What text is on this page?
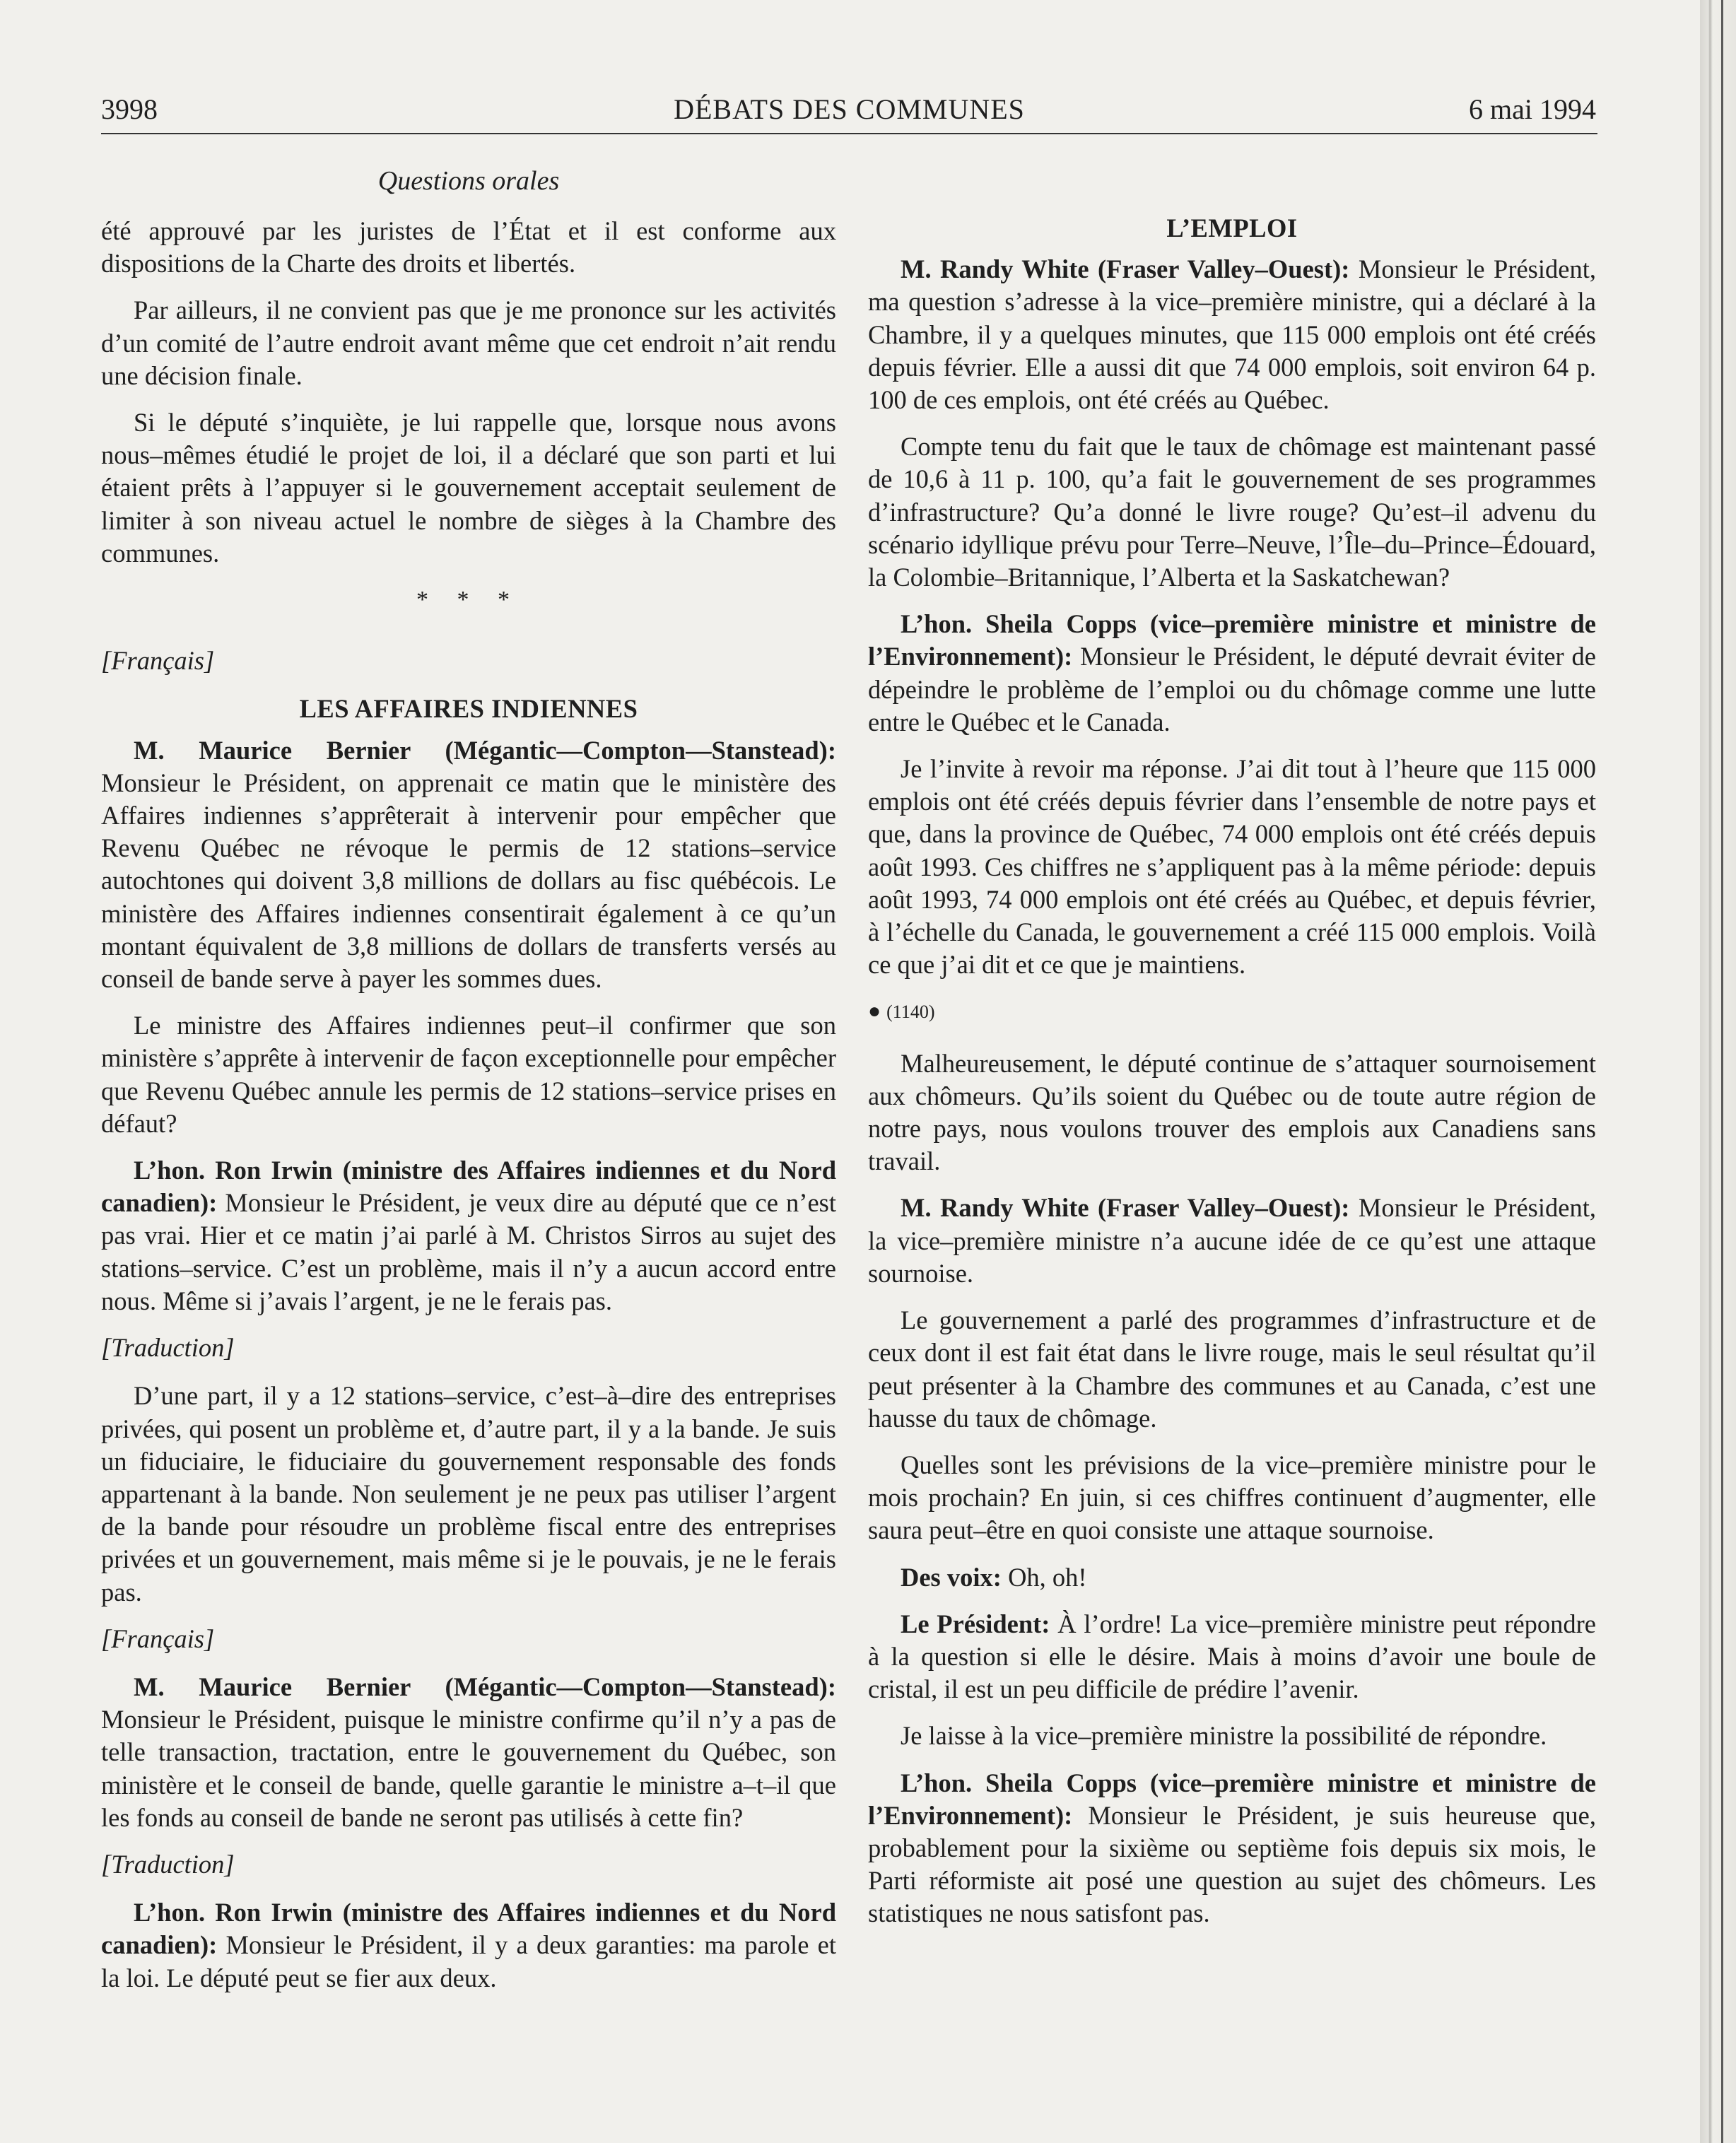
DÉBATS DES COMMUNES
3998	6 mai 1994
Questions orales

été approuvé par les juristes de l’État et il est conforme aux dispositions de la Charte des droits et libertés.

Par ailleurs, il ne convient pas que je me prononce sur les activités d’un comité de l’autre endroit avant même que cet endroit n’ait rendu une décision finale.

Si le député s’inquiète, je lui rappelle que, lorsque nous avons nous–mêmes étudié le projet de loi, il a déclaré que son parti et lui étaient prêts à l’appuyer si le gouvernement acceptait seulement de limiter à son niveau actuel le nombre de sièges à la Chambre des communes.

* * *

[Français]

LES AFFAIRES INDIENNES

M. Maurice Bernier (Mégantic—Compton—Stanstead): Monsieur le Président, on apprenait ce matin que le ministère des Affaires indiennes s’apprêterait à intervenir pour empêcher que Revenu Québec ne révoque le permis de 12 stations–service autochtones qui doivent 3,8 millions de dollars au fisc québécois. Le ministère des Affaires indiennes consentirait également à ce qu’un montant équivalent de 3,8 millions de dollars de transferts versés au conseil de bande serve à payer les sommes dues.

Le ministre des Affaires indiennes peut–il confirmer que son ministère s’apprête à intervenir de façon exceptionnelle pour empêcher que Revenu Québec annule les permis de 12 stations–service prises en défaut?

L’hon. Ron Irwin (ministre des Affaires indiennes et du Nord canadien): Monsieur le Président, je veux dire au député que ce n’est pas vrai. Hier et ce matin j’ai parlé à M. Christos Sirros au sujet des stations–service. C’est un problème, mais il n’y a aucun accord entre nous. Même si j’avais l’argent, je ne le ferais pas.

[Traduction]

D’une part, il y a 12 stations–service, c’est–à–dire des entreprises privées, qui posent un problème et, d’autre part, il y a la bande. Je suis un fiduciaire, le fiduciaire du gouvernement responsable des fonds appartenant à la bande. Non seulement je ne peux pas utiliser l’argent de la bande pour résoudre un problème fiscal entre des entreprises privées et un gouvernement, mais même si je le pouvais, je ne le ferais pas.

[Français]

M. Maurice Bernier (Mégantic—Compton—Stanstead): Monsieur le Président, puisque le ministre confirme qu’il n’y a pas de telle transaction, tractation, entre le gouvernement du Québec, son ministère et le conseil de bande, quelle garantie le ministre a–t–il que les fonds au conseil de bande ne seront pas utilisés à cette fin?

[Traduction]

L’hon. Ron Irwin (ministre des Affaires indiennes et du Nord canadien): Monsieur le Président, il y a deux garanties: ma parole et la loi. Le député peut se fier aux deux.

L’EMPLOI

M. Randy White (Fraser Valley–Ouest): Monsieur le Président, ma question s’adresse à la vice–première ministre, qui a déclaré à la Chambre, il y a quelques minutes, que 115 000 emplois ont été créés depuis février. Elle a aussi dit que 74 000 emplois, soit environ 64 p. 100 de ces emplois, ont été créés au Québec.

Compte tenu du fait que le taux de chômage est maintenant passé de 10,6 à 11 p. 100, qu’a fait le gouvernement de ses programmes d’infrastructure? Qu’a donné le livre rouge? Qu’est–il advenu du scénario idyllique prévu pour Terre–Neuve, l’Île–du–Prince–Édouard, la Colombie–Britannique, l’Alberta et la Saskatchewan?

L’hon. Sheila Copps (vice–première ministre et ministre de l’Environnement): Monsieur le Président, le député devrait éviter de dépeindre le problème de l’emploi ou du chômage comme une lutte entre le Québec et le Canada.

Je l’invite à revoir ma réponse. J’ai dit tout à l’heure que 115 000 emplois ont été créés depuis février dans l’ensemble de notre pays et que, dans la province de Québec, 74 000 emplois ont été créés depuis août 1993. Ces chiffres ne s’appliquent pas à la même période: depuis août 1993, 74 000 emplois ont été créés au Québec, et depuis février, à l’échelle du Canada, le gouvernement a créé 115 000 emplois. Voilà ce que j’ai dit et ce que je maintiens.

● (1140)

Malheureusement, le député continue de s’attaquer sournoisement aux chômeurs. Qu’ils soient du Québec ou de toute autre région de notre pays, nous voulons trouver des emplois aux Canadiens sans travail.

M. Randy White (Fraser Valley–Ouest): Monsieur le Président, la vice–première ministre n’a aucune idée de ce qu’est une attaque sournoise.

Le gouvernement a parlé des programmes d’infrastructure et de ceux dont il est fait état dans le livre rouge, mais le seul résultat qu’il peut présenter à la Chambre des communes et au Canada, c’est une hausse du taux de chômage.

Quelles sont les prévisions de la vice–première ministre pour le mois prochain? En juin, si ces chiffres continuent d’augmenter, elle saura peut–être en quoi consiste une attaque sournoise.

Des voix: Oh, oh!

Le Président: À l’ordre! La vice–première ministre peut répondre à la question si elle le désire. Mais à moins d’avoir une boule de cristal, il est un peu difficile de prédire l’avenir.

Je laisse à la vice–première ministre la possibilité de répondre.

L’hon. Sheila Copps (vice–première ministre et ministre de l’Environnement): Monsieur le Président, je suis heureuse que, probablement pour la sixième ou septième fois depuis six mois, le Parti réformiste ait posé une question au sujet des chômeurs. Les statistiques ne nous satisfont pas.
